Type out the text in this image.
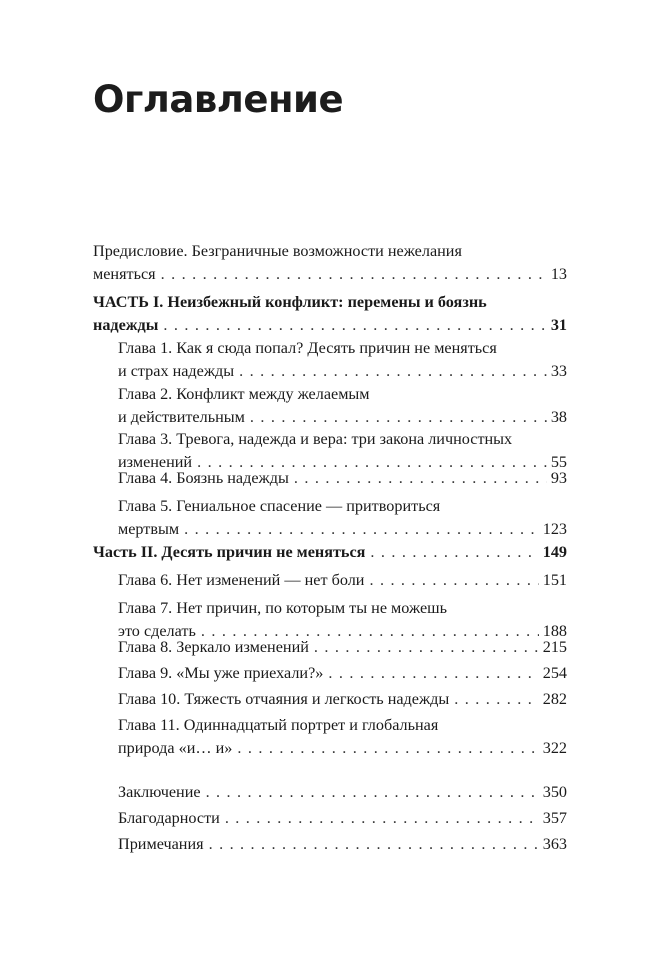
Оглавление
Предисловие. Безграничные возможности нежелания
меняться . . .	13
ЧАСТЬ I. Неизбежный конфликт: перемены и боязнь
надежды . . .	31
Глава 1. Как я сюда попал? Десять причин не меняться
и страх надежды . . .	33
Глава 2. Конфликт между желаемым
и действительным . . .	38
Глава 3. Тревога, надежда и вера: три закона личностных
изменений . . .	55
Глава 4. Боязнь надежды . . .	93
Глава 5. Гениальное спасение — притвориться
мертвым . . .	123
Часть II. Десять причин не меняться . . .	149
Глава 6. Нет изменений — нет боли . . .	151
Глава 7. Нет причин, по которым ты не можешь
это сделать . . .	188
Глава 8. Зеркало изменений . . .	215
Глава 9. «Мы уже приехали?» . . .	254
Глава 10. Тяжесть отчаяния и легкость надежды . . .	282
Глава 11. Одиннадцатый портрет и глобальная
природа «и… и» . . .	322
Заключение . . .	350
Благодарности . . .	357
Примечания . . .	363
